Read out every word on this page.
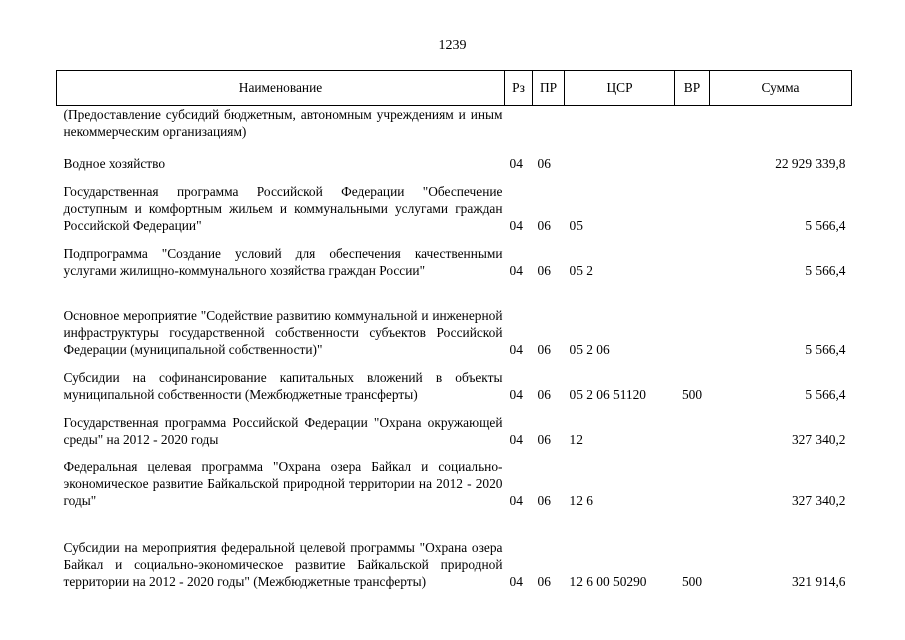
1239
Наименование	Рз	ПР	ЦСР	ВР	Сумма
(Предоставление субсидий бюджетным, автономным учреждениям и иным некоммерческим организациям)					
Водное хозяйство	04	06			22 929 339,8
Государственная программа Российской Федерации "Обеспечение доступным и комфортным жильем и коммунальными услугами граждан Российской Федерации"	04	06	05		5 566,4
Подпрограмма "Создание условий для обеспечения качественными услугами жилищно-коммунального хозяйства граждан России"	04	06	05 2		5 566,4
Основное мероприятие "Содействие развитию коммунальной и инженерной инфраструктуры государственной собственности субъектов Российской Федерации (муниципальной собственности)"	04	06	05 2 06		5 566,4
Субсидии на софинансирование капитальных вложений в объекты муниципальной собственности (Межбюджетные трансферты)	04	06	05 2 06 51120	500	5 566,4
Государственная программа Российской Федерации "Охрана окружающей среды" на 2012 - 2020 годы	04	06	12		327 340,2
Федеральная целевая программа "Охрана озера Байкал и социально-экономическое развитие Байкальской природной территории на 2012 - 2020 годы"	04	06	12 6		327 340,2
Субсидии на мероприятия федеральной целевой программы "Охрана озера Байкал и социально-экономическое развитие Байкальской природной территории на 2012 - 2020 годы" (Межбюджетные трансферты)	04	06	12 6 00 50290	500	321 914,6
